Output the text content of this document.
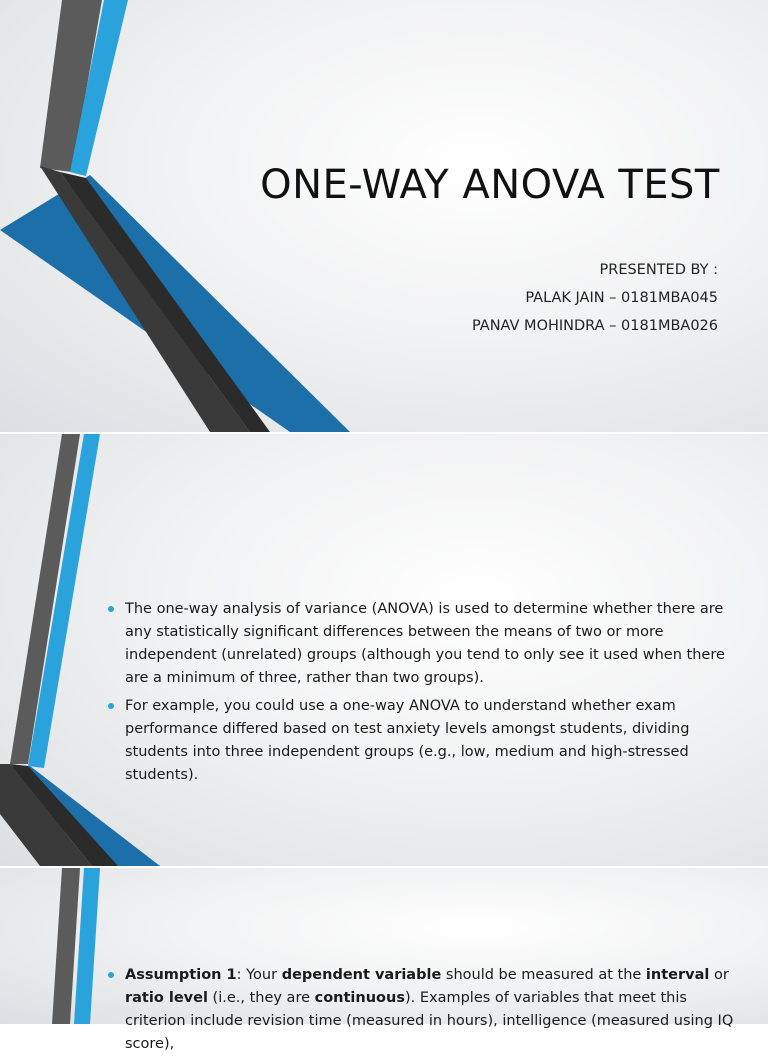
ONE-WAY ANOVA TEST
PRESENTED BY :
PALAK JAIN – 0181MBA045
PANAV MOHINDRA – 0181MBA026
The one-way analysis of variance (ANOVA) is used to determine whether there are any statistically significant differences between the means of two or more independent (unrelated) groups (although you tend to only see it used when there are a minimum of three, rather than two groups).
For example, you could use a one-way ANOVA to understand whether exam performance differed based on test anxiety levels amongst students, dividing students into three independent groups (e.g., low, medium and high-stressed students).
Assumption 1: Your dependent variable should be measured at the interval or ratio level (i.e., they are continuous). Examples of variables that meet this criterion include revision time (measured in hours), intelligence (measured using IQ score),
